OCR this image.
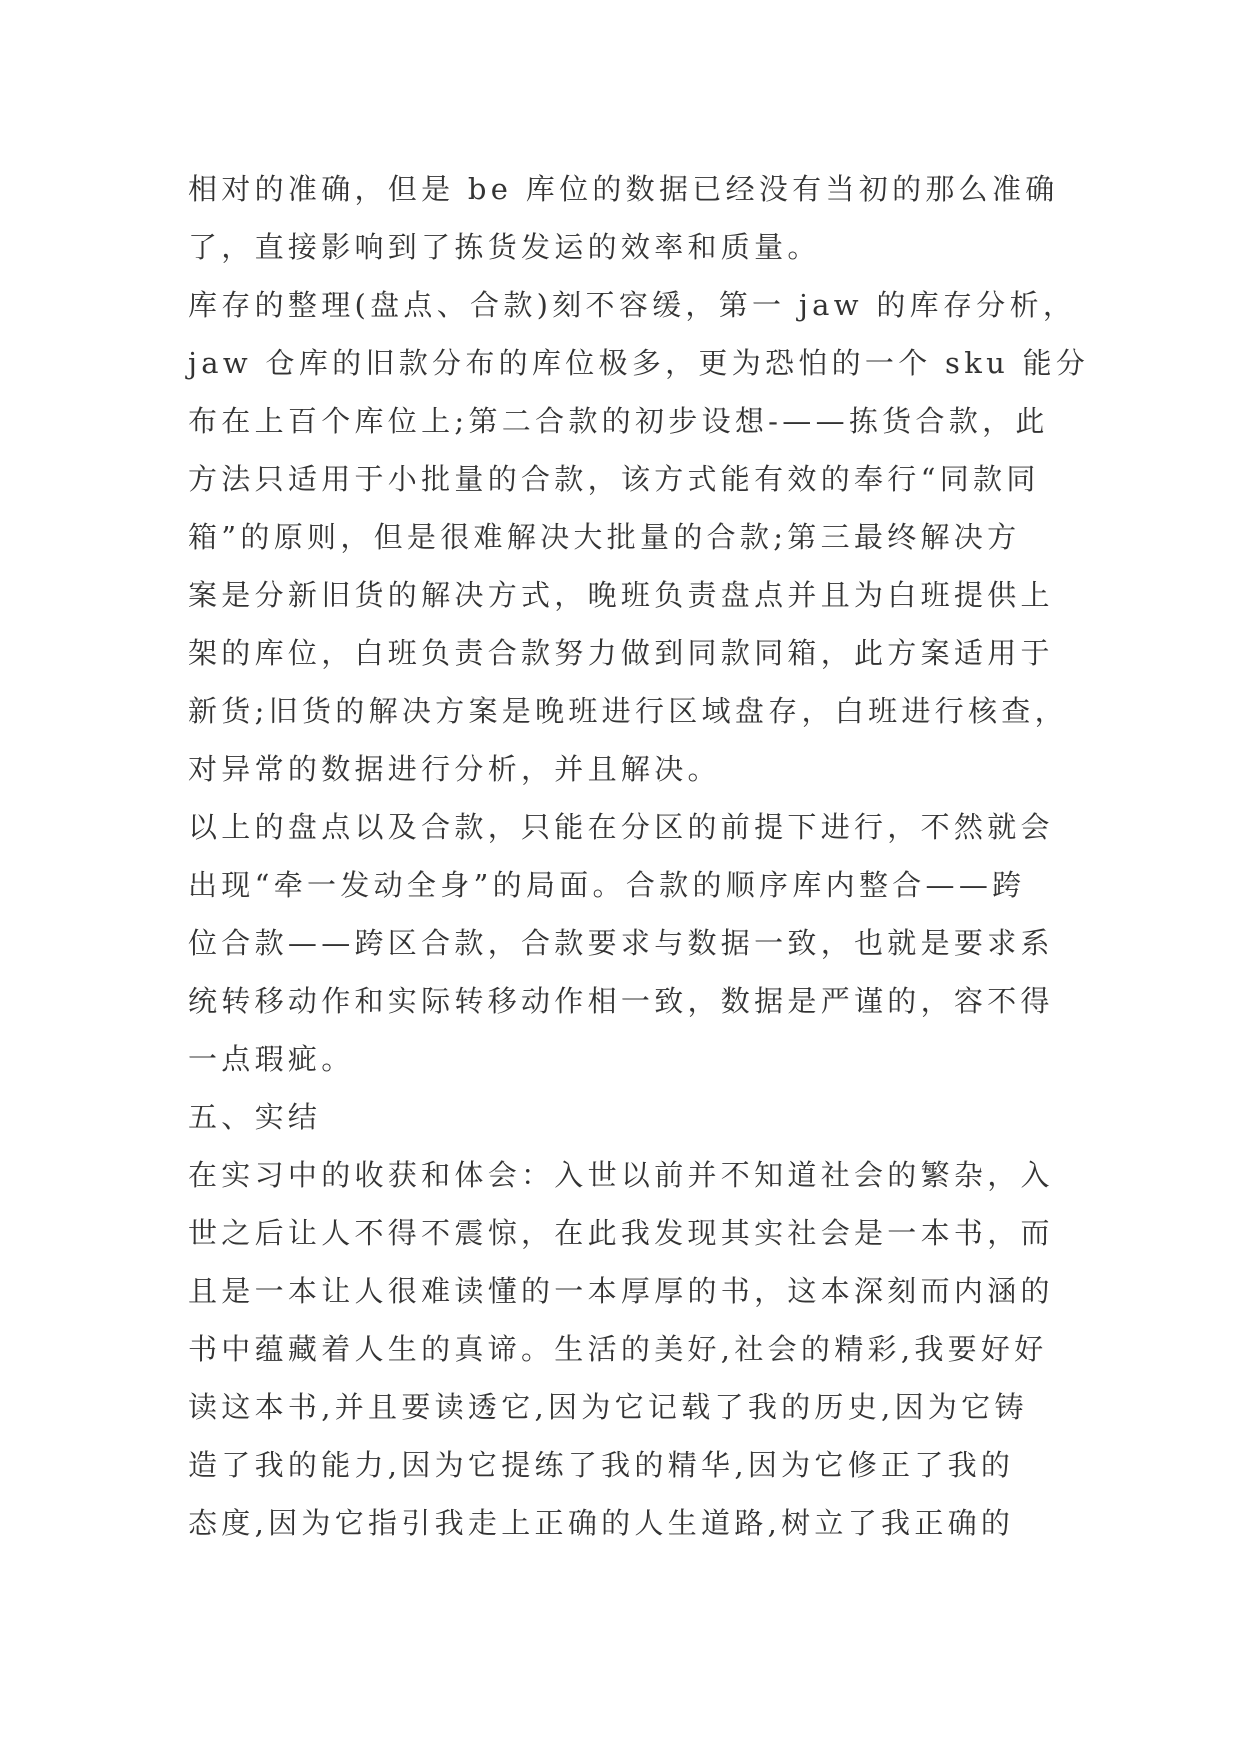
相对的准确，但是 be 库位的数据已经没有当初的那么准确
了，直接影响到了拣货发运的效率和质量。
库存的整理(盘点、合款)刻不容缓，第一 jaw 的库存分析，
jaw 仓库的旧款分布的库位极多，更为恐怕的一个 sku 能分
布在上百个库位上;第二合款的初步设想-——拣货合款，此
方法只适用于小批量的合款，该方式能有效的奉行“同款同
箱”的原则，但是很难解决大批量的合款;第三最终解决方
案是分新旧货的解决方式，晚班负责盘点并且为白班提供上
架的库位，白班负责合款努力做到同款同箱，此方案适用于
新货;旧货的解决方案是晚班进行区域盘存，白班进行核查，
对异常的数据进行分析，并且解决。
以上的盘点以及合款，只能在分区的前提下进行，不然就会
出现“牵一发动全身”的局面。合款的顺序库内整合——跨
位合款——跨区合款，合款要求与数据一致，也就是要求系
统转移动作和实际转移动作相一致，数据是严谨的，容不得
一点瑕疵。
五、实结
在实习中的收获和体会：入世以前并不知道社会的繁杂，入
世之后让人不得不震惊，在此我发现其实社会是一本书，而
且是一本让人很难读懂的一本厚厚的书，这本深刻而内涵的
书中蕴藏着人生的真谛。生活的美好,社会的精彩,我要好好
读这本书,并且要读透它,因为它记载了我的历史,因为它铸
造了我的能力,因为它提练了我的精华,因为它修正了我的
态度,因为它指引我走上正确的人生道路,树立了我正确的
